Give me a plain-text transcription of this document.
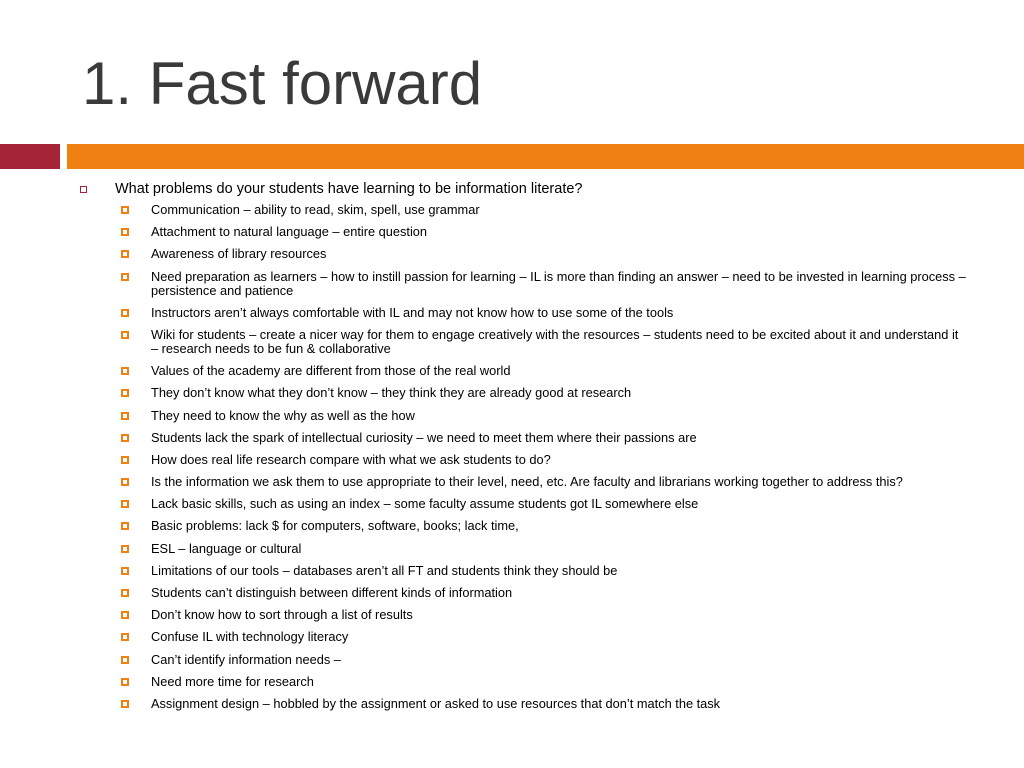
1. Fast forward
What problems do your students have learning to be information literate?
Communication – ability to read, skim, spell, use grammar
Attachment to natural language – entire question
Awareness of library resources
Need preparation as learners – how to instill passion for learning – IL is more than finding an answer – need to be invested in learning process – persistence and patience
Instructors aren’t always comfortable with IL and may not know how to use some of the tools
Wiki for students – create a nicer way for them to engage creatively with the resources – students need to be excited about it and understand it – research needs to be fun & collaborative
Values of the academy are different from those of the real world
They don’t know what they don’t know – they think they are already good at research
They need to know the why as well as the how
Students lack the spark of intellectual curiosity – we need to meet them where their passions are
How does real life research compare with what we ask students to do?
Is the information we ask them to use appropriate to their level, need, etc. Are faculty and librarians working together to address this?
Lack basic skills, such as using an index – some faculty assume students got IL somewhere else
Basic problems: lack $ for computers, software, books; lack time,
ESL – language or cultural
Limitations of our tools – databases aren’t all FT and students think they should be
Students can’t distinguish between different kinds of information
Don’t know how to sort through a list of results
Confuse IL with technology literacy
Can’t identify information needs –
Need more time for research
Assignment design – hobbled by the assignment or asked to use resources that don’t match the task
